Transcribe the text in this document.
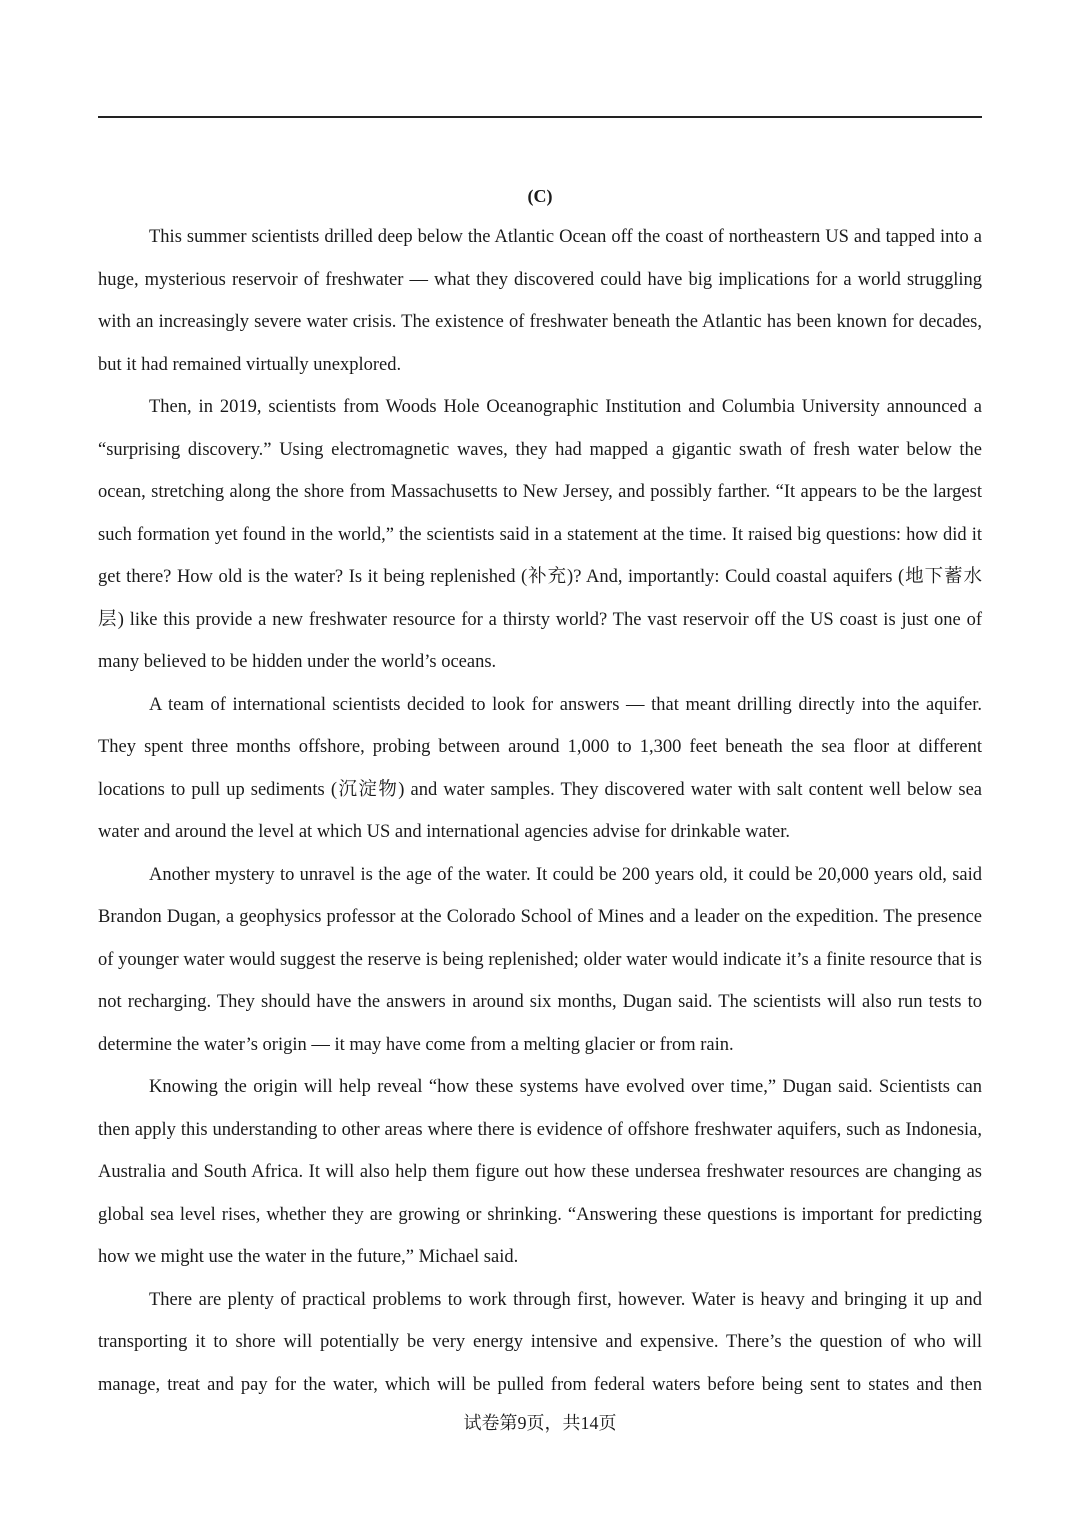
(C)

This summer scientists drilled deep below the Atlantic Ocean off the coast of northeastern US and tapped into a huge, mysterious reservoir of freshwater — what they discovered could have big implications for a world struggling with an increasingly severe water crisis. The existence of freshwater beneath the Atlantic has been known for decades, but it had remained virtually unexplored.

Then, in 2019, scientists from Woods Hole Oceanographic Institution and Columbia University announced a “surprising discovery.” Using electromagnetic waves, they had mapped a gigantic swath of fresh water below the ocean, stretching along the shore from Massachusetts to New Jersey, and possibly farther. “It appears to be the largest such formation yet found in the world,” the scientists said in a statement at the time. It raised big questions: how did it get there? How old is the water? Is it being replenished (补充)? And, importantly: Could coastal aquifers (地下蓄水层) like this provide a new freshwater resource for a thirsty world? The vast reservoir off the US coast is just one of many believed to be hidden under the world’s oceans.

A team of international scientists decided to look for answers — that meant drilling directly into the aquifer. They spent three months offshore, probing between around 1,000 to 1,300 feet beneath the sea floor at different locations to pull up sediments (沉淀物) and water samples. They discovered water with salt content well below sea water and around the level at which US and international agencies advise for drinkable water.

Another mystery to unravel is the age of the water. It could be 200 years old, it could be 20,000 years old, said Brandon Dugan, a geophysics professor at the Colorado School of Mines and a leader on the expedition. The presence of younger water would suggest the reserve is being replenished; older water would indicate it’s a finite resource that is not recharging. They should have the answers in around six months, Dugan said. The scientists will also run tests to determine the water’s origin — it may have come from a melting glacier or from rain.

Knowing the origin will help reveal “how these systems have evolved over time,” Dugan said. Scientists can then apply this understanding to other areas where there is evidence of offshore freshwater aquifers, such as Indonesia, Australia and South Africa. It will also help them figure out how these undersea freshwater resources are changing as global sea level rises, whether they are growing or shrinking. “Answering these questions is important for predicting how we might use the water in the future,” Michael said.

There are plenty of practical problems to work through first, however. Water is heavy and bringing it up and transporting it to shore will potentially be very energy intensive and expensive. There’s the question of who will manage, treat and pay for the water, which will be pulled from federal waters before being sent to states and then

试卷第9页，共14页
